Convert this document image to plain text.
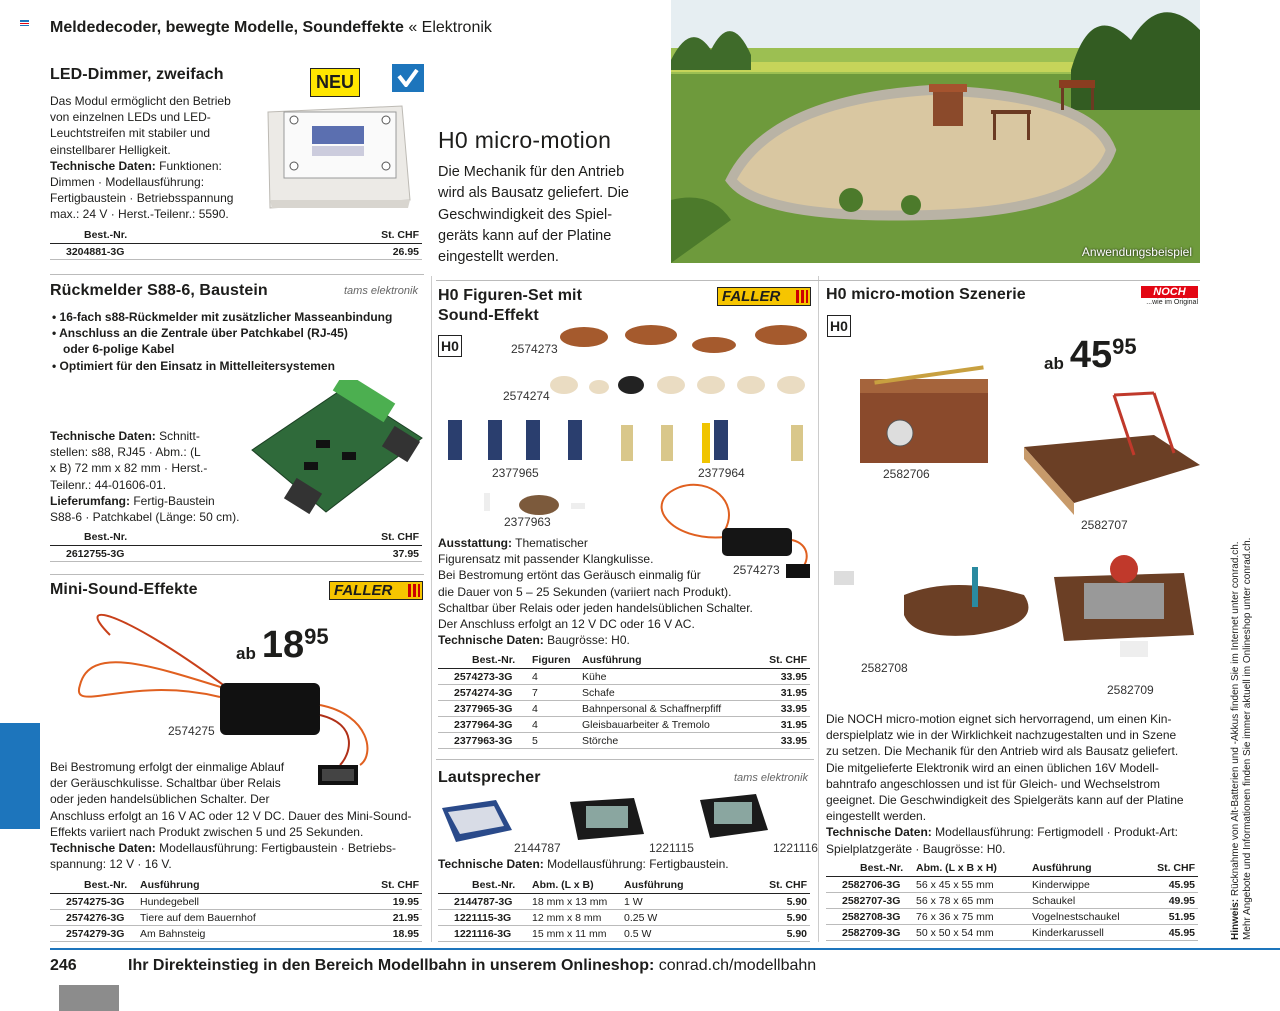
Meldedecoder, bewegte Modelle, Soundeffekte « Elektronik
LED-Dimmer, zweifach	NEU
Das Modul ermöglicht den Betrieb
von einzelnen LEDs und LED-
Leuchtstreifen mit stabiler und
einstellbarer Helligkeit.
Technische Daten: Funktionen:
Dimmen · Modellausführung:
Fertigbaustein · Betriebsspannung
max.: 24 V · Herst.-Teilenr.: 5590.
Best.-Nr.	St. CHF
3204881-3G	26.95
Rückmelder S88-6, Baustein	tams elektronik
• 16-fach s88-Rückmelder mit zusätzlicher Masseanbindung
• Anschluss an die Zentrale über Patchkabel (RJ-45)
oder 6-polige Kabel
• Optimiert für den Einsatz in Mittelleitersystemen
Technische Daten: Schnitt-
stellen: s88, RJ45 · Abm.: (L
x B) 72 mm x 82 mm · Herst.-
Teilenr.: 44-01606-01.
Lieferumfang: Fertig-Baustein
S88-6 · Patchkabel (Länge: 50 cm).
Best.-Nr.	St. CHF
2612755-3G	37.95
Mini-Sound-Effekte	FALLER
ab 18 95
2574275
Bei Bestromung erfolgt der einmalige Ablauf
der Geräuschkulisse. Schaltbar über Relais
oder jeden handelsüblichen Schalter. Der
Anschluss erfolgt an 16 V AC oder 12 V DC. Dauer des Mini-Sound-
Effekts variiert nach Produkt zwischen 5 und 25 Sekunden.
Technische Daten: Modellausführung: Fertigbaustein · Betriebs-
spannung: 12 V · 16 V.
Best.-Nr.	Ausführung	St. CHF
2574275-3G	Hundegebell	19.95
2574276-3G	Tiere auf dem Bauernhof	21.95
2574279-3G	Am Bahnsteig	18.95
H0 micro-motion
Die Mechanik für den Antrieb
wird als Bausatz geliefert. Die
Geschwindigkeit des Spiel-
geräts kann auf der Platine
eingestellt werden.	Anwendungsbeispiel
H0 Figuren-Set mit
Sound-Effekt
FALLER
H0	2574273
2574274
2377965	2377964
2377963
2574273
Ausstattung: Thematischer
Figurensatz mit passender Klangkulisse.
Bei Bestromung ertönt das Geräusch einmalig für
die Dauer von 5 – 25 Sekunden (variiert nach Produkt).
Schaltbar über Relais oder jeden handelsüblichen Schalter.
Der Anschluss erfolgt an 12 V DC oder 16 V AC.
Technische Daten: Baugrösse: H0.
Best.-Nr.	Figuren	Ausführung	St. CHF
2574273-3G	4	Kühe	33.95
2574274-3G	7	Schafe	31.95
2377965-3G	4	Bahnpersonal & Schaffnerpfiff	33.95
2377964-3G	4	Gleisbauarbeiter & Tremolo	31.95
2377963-3G	5	Störche	33.95
Lautsprecher	tams elektronik
2144787	1221115	1221116
Technische Daten: Modellausführung: Fertigbaustein.
Best.-Nr.	Abm. (L x B)	Ausführung	St. CHF
2144787-3G	18 mm x 13 mm	1 W	5.90
1221115-3G	12 mm x 8 mm	0.25 W	5.90
1221116-3G	15 mm x 11 mm	0.5 W	5.90
H0 micro-motion Szenerie	NOCH
...wie im Original
H0
ab 45 95
2582706
2582707
2582708
2582709
Die NOCH micro-motion eignet sich hervorragend, um einen Kin-
derspielplatz wie in der Wirklichkeit nachzugestalten und in Szene
zu setzen. Die Mechanik für den Antrieb wird als Bausatz geliefert.
Die mitgelieferte Elektronik wird an einen üblichen 16V Modell-
bahntrafo angeschlossen und ist für Gleich- und Wechselstrom
geeignet. Die Geschwindigkeit des Spielgeräts kann auf der Platine
eingestellt werden.
Technische Daten: Modellausführung: Fertigmodell · Produkt-Art:
Spielplatzgeräte · Baugrösse: H0.
Best.-Nr.	Abm. (L x B x H)	Ausführung	St. CHF
2582706-3G	56 x 45 x 55 mm	Kinderwippe	45.95
2582707-3G	56 x 78 x 65 mm	Schaukel	49.95
2582708-3G	76 x 36 x 75 mm	Vogelnestschaukel	51.95
2582709-3G	50 x 50 x 54 mm	Kinderkarussell	45.95	Hinweis: Rücknahme von Alt-Batterien und -Akkus finden Sie im Internet unter conrad.ch. Mehr Angebote und Informationen finden Sie immer aktuell im Onlineshop unter conrad.ch.
246	Ihr Direkteinstieg in den Bereich Modellbahn in unserem Onlineshop: conrad.ch/modellbahn
